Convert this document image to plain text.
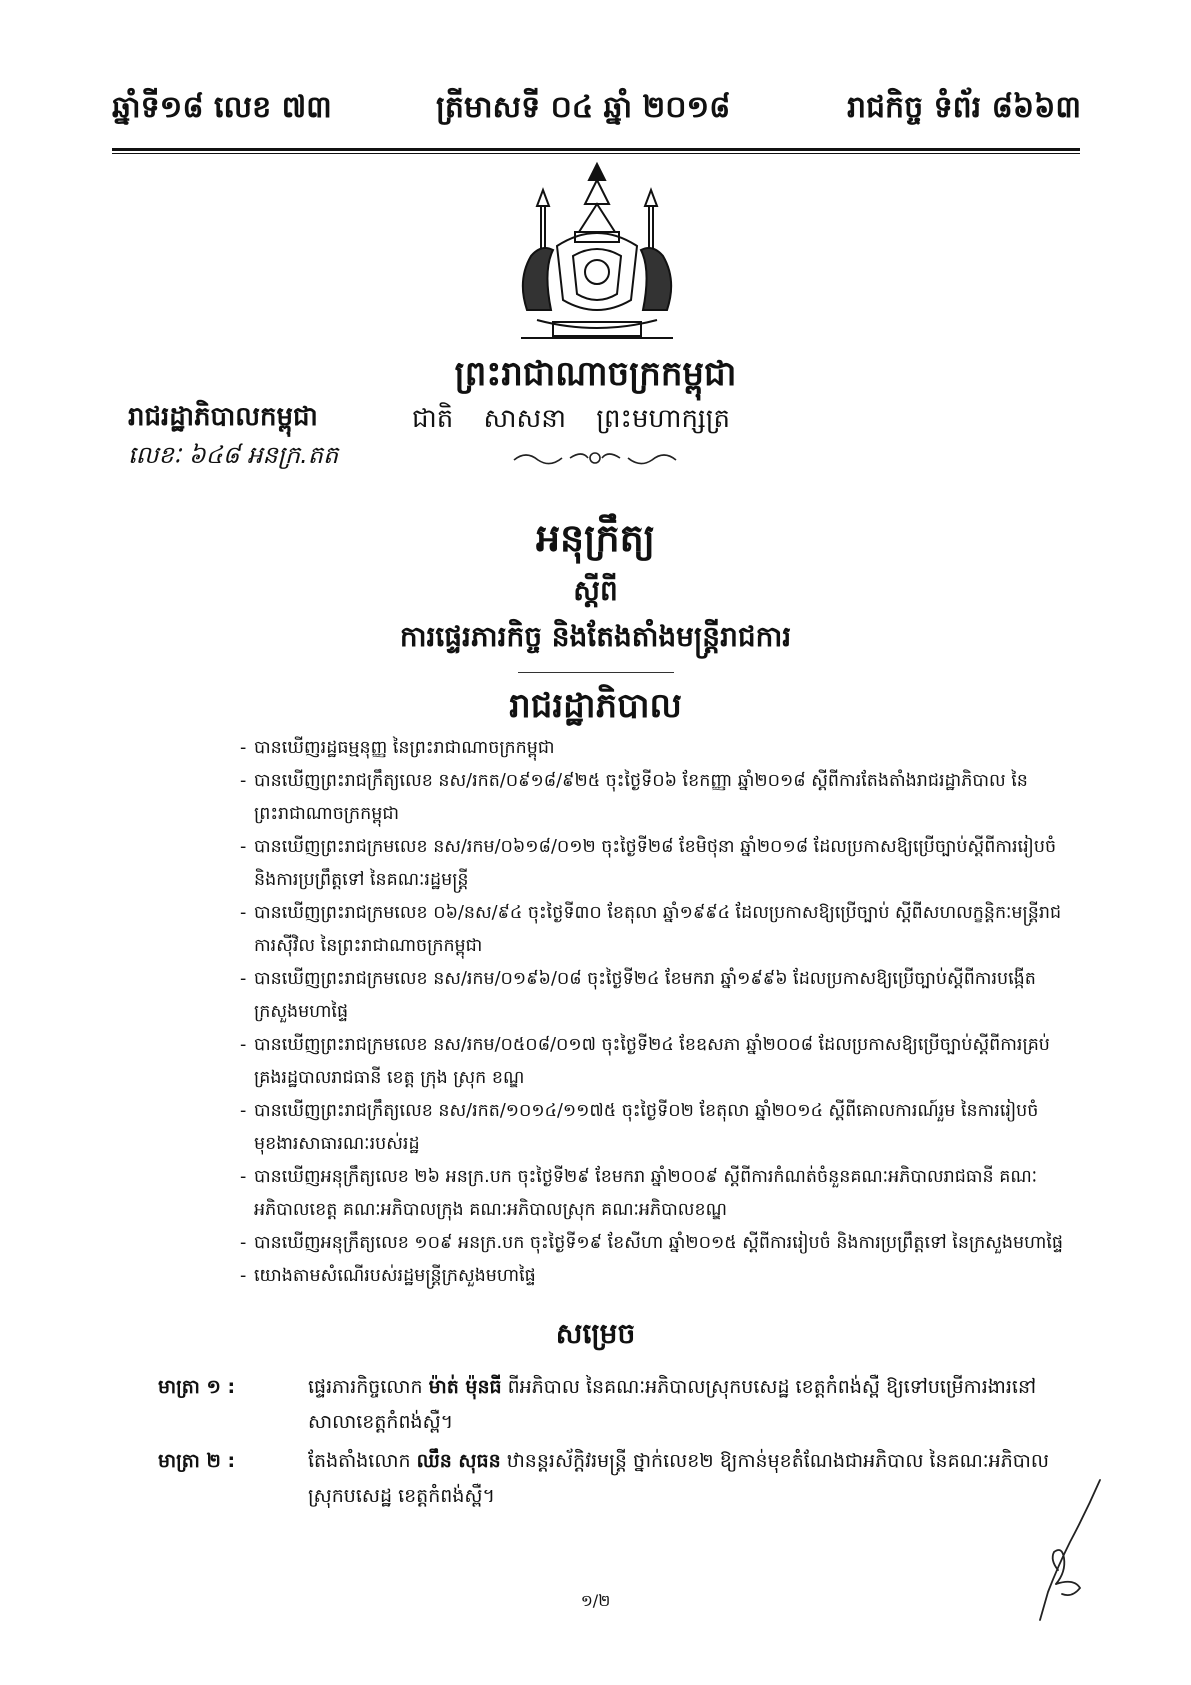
ឆ្នាំទី១៨ លេខ ៧៣	ត្រីមាសទី ០៤ ឆ្នាំ ២០១៨	រាជកិច្ច ទំព័រ ៨៦៦៣
ព្រះរាជាណាចក្រកម្ពុជា
ជាតិ សាសនា ព្រះមហាក្សត្រ
រាជរដ្ឋាភិបាលកម្ពុជា
លេខៈ ៦៤៨ អនក្រ.តត
អនុក្រឹត្យ
ស្តីពី
ការផ្ទេរភារកិច្ច និងតែងតាំងមន្ត្រីរាជការ
រាជរដ្ឋាភិបាល
- បានឃើញរដ្ឋធម្មនុញ្ញ នៃព្រះរាជាណាចក្រកម្ពុជា
- បានឃើញព្រះរាជក្រឹត្យលេខ នស/រកត/០៩១៨/៩២៥ ចុះថ្ងៃទី០៦ ខែកញ្ញា ឆ្នាំ២០១៨ ស្តីពីការតែងតាំងរាជរដ្ឋាភិបាល នៃព្រះរាជាណាចក្រកម្ពុជា
- បានឃើញព្រះរាជក្រមលេខ នស/រកម/០៦១៨/០១២ ចុះថ្ងៃទី២៨ ខែមិថុនា ឆ្នាំ២០១៨ ដែលប្រកាសឱ្យប្រើច្បាប់ស្តីពីការរៀបចំ និងការប្រព្រឹត្តទៅ នៃគណៈរដ្ឋមន្ត្រី
- បានឃើញព្រះរាជក្រមលេខ ០៦/នស/៩៤ ចុះថ្ងៃទី៣០ ខែតុលា ឆ្នាំ១៩៩៤ ដែលប្រកាសឱ្យប្រើច្បាប់ ស្តីពីសហលក្ខន្តិកៈមន្ត្រីរាជការស៊ីវិល នៃព្រះរាជាណាចក្រកម្ពុជា
- បានឃើញព្រះរាជក្រមលេខ នស/រកម/០១៩៦/០៨ ចុះថ្ងៃទី២៤ ខែមករា ឆ្នាំ១៩៩៦ ដែលប្រកាសឱ្យប្រើច្បាប់ស្តីពីការបង្កើតក្រសួងមហាផ្ទៃ
- បានឃើញព្រះរាជក្រមលេខ នស/រកម/០៥០៨/០១៧ ចុះថ្ងៃទី២៤ ខែឧសភា ឆ្នាំ២០០៨ ដែលប្រកាសឱ្យប្រើច្បាប់ស្តីពីការគ្រប់គ្រងរដ្ឋបាលរាជធានី ខេត្ត ក្រុង ស្រុក ខណ្ឌ
- បានឃើញព្រះរាជក្រឹត្យលេខ នស/រកត/១០១៤/១១៧៥ ចុះថ្ងៃទី០២ ខែតុលា ឆ្នាំ២០១៤ ស្តីពីគោលការណ៍រួម នៃការរៀបចំមុខងារសាធារណៈរបស់រដ្ឋ
- បានឃើញអនុក្រឹត្យលេខ ២៦ អនក្រ.បក ចុះថ្ងៃទី២៩ ខែមករា ឆ្នាំ២០០៩ ស្តីពីការកំណត់ចំនួនគណៈអភិបាលរាជធានី គណៈអភិបាលខេត្ត គណៈអភិបាលក្រុង គណៈអភិបាលស្រុក គណៈអភិបាលខណ្ឌ
- បានឃើញអនុក្រឹត្យលេខ ១០៩ អនក្រ.បក ចុះថ្ងៃទី១៩ ខែសីហា ឆ្នាំ២០១៥ ស្តីពីការរៀបចំ និងការប្រព្រឹត្តទៅ នៃក្រសួងមហាផ្ទៃ
- យោងតាមសំណើរបស់រដ្ឋមន្ត្រីក្រសួងមហាផ្ទៃ
សម្រេច
មាត្រា ១ :	ផ្ទេរភារកិច្ចលោក ម៉ាត់ ម៉ុនធី ពីអភិបាល នៃគណៈអភិបាលស្រុកបសេដ្ឋ ខេត្តកំពង់ស្ពឺ ឱ្យទៅបម្រើការងារនៅសាលាខេត្តកំពង់ស្ពឺ។
មាត្រា ២ :	តែងតាំងលោក ឈឹន សុធន ឋានន្តរស័ក្តិវរមន្ត្រី ថ្នាក់លេខ២ ឱ្យកាន់មុខតំណែងជាអភិបាល នៃគណៈអភិបាលស្រុកបសេដ្ឋ ខេត្តកំពង់ស្ពឺ។
១/២
